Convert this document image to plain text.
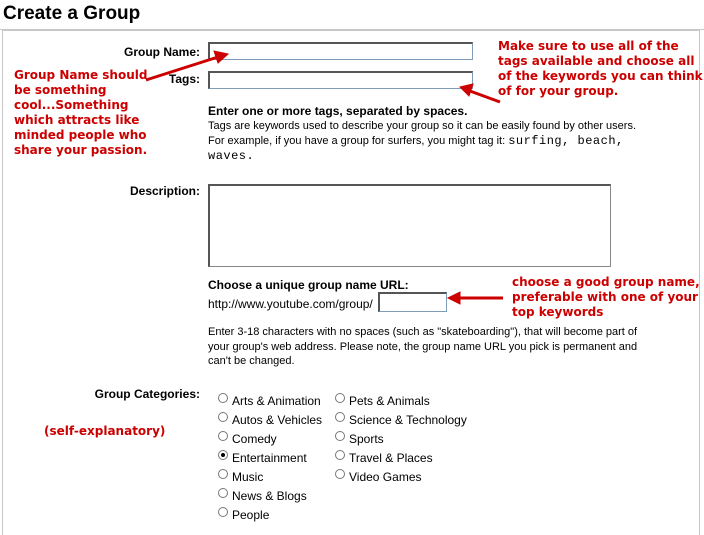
Create a Group
Group Name:
Tags:
Enter one or more tags, separated by spaces.
Tags are keywords used to describe your group so it can be easily found by other users.
For example, if you have a group for surfers, you might tag it: surfing, beach,
waves.
Description:
Choose a unique group name URL:
http://www.youtube.com/group/
Enter 3-18 characters with no spaces (such as "skateboarding"), that will become part of
your group's web address. Please note, the group name URL you pick is permanent and
can't be changed.
Group Categories:	Arts & Animation
Autos & Vehicles
Comedy
Entertainment
Music
News & Blogs
People
Pets & Animals
Science & Technology
Sports
Travel & Places
Video Games
Group Name should
be something
cool...Something
which attracts like
minded people who
share your passion.
Make sure to use all of the
tags available and choose all
of the keywords you can think
of for your group.
choose a good group name,
preferable with one of your
top keywords
(self-explanatory)
